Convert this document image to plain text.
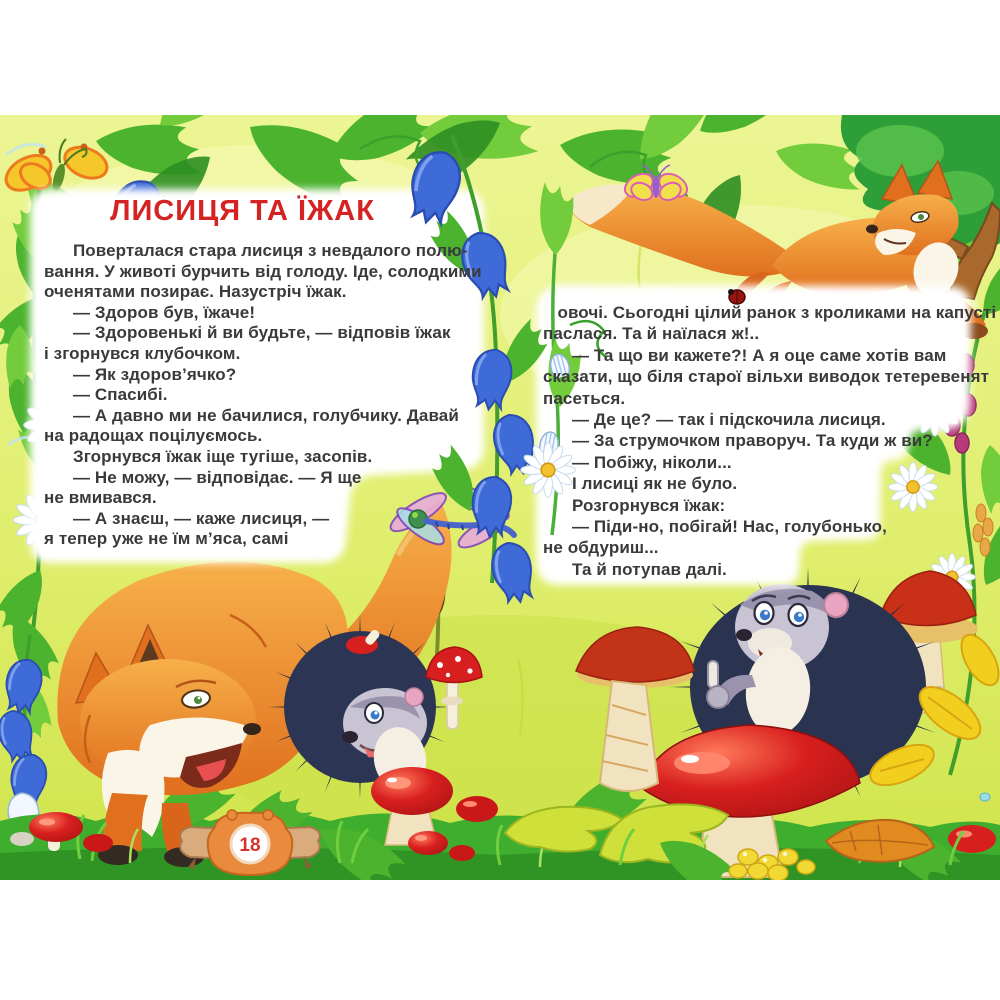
18
ЛИСИЦЯ ТА ЇЖАК
Поверталася стара лисиця з невдалого полю-
вання. У животі бурчить від голоду. Іде, солодкими
оченятами позирає. Назустріч їжак.
— Здоров був, їжаче!
— Здоровенькі й ви будьте, — відповів їжак
і згорнувся клубочком.
— Як здоров’ячко?
— Спасибі.
— А давно ми не бачилися, голубчику. Давай
на радощах поцілуємось.
Згорнувся їжак іще тугіше, засопів.
— Не можу, — відповідає. — Я ще
не вмивався.
— А знаєш, — каже лисиця, —
я тепер уже не їм м’яса, самі
овочі. Сьогодні цілий ранок з кроликами на капусті
паслася. Та й наїлася ж!..
— Та що ви кажете?! А я оце саме хотів вам
сказати, що біля старої вільхи виводок тетеревенят
пасеться.
— Де це? — так і підскочила лисиця.
— За струмочком праворуч. Та куди ж ви?
— Побіжу, ніколи...
І лисиці як не було.
Розгорнувся їжак:
— Піди-но, побігай! Нас, голубонько,
не обдуриш...
Та й потупав далі.
